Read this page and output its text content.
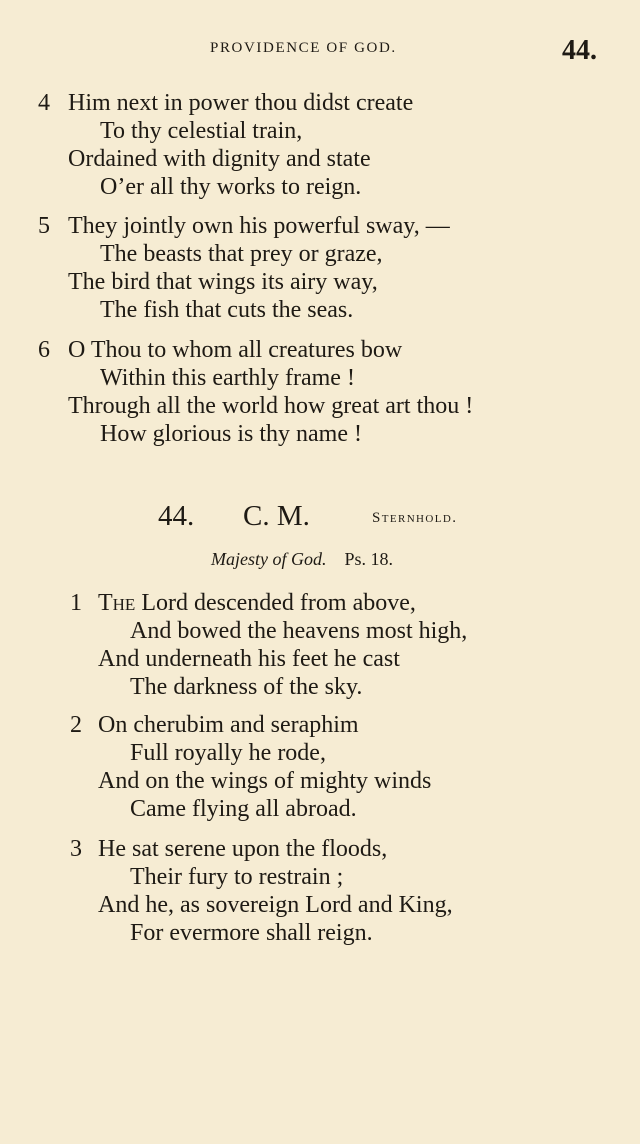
PROVIDENCE OF GOD.	44.
4 Him next in power thou didst create
To thy celestial train,
Ordained with dignity and state
O’er all thy works to reign.
5 They jointly own his powerful sway, —
The beasts that prey or graze,
The bird that wings its airy way,
The fish that cuts the seas.
6 O Thou to whom all creatures bow
Within this earthly frame !
Through all the world how great art thou !
How glorious is thy name !
44. C. M.	Sternhold.
Majesty of God. Ps. 18.
1 The Lord descended from above,
And bowed the heavens most high,
And underneath his feet he cast
The darkness of the sky.
2 On cherubim and seraphim
Full royally he rode,
And on the wings of mighty winds
Came flying all abroad.
3 He sat serene upon the floods,
Their fury to restrain ;
And he, as sovereign Lord and King,
For evermore shall reign.
